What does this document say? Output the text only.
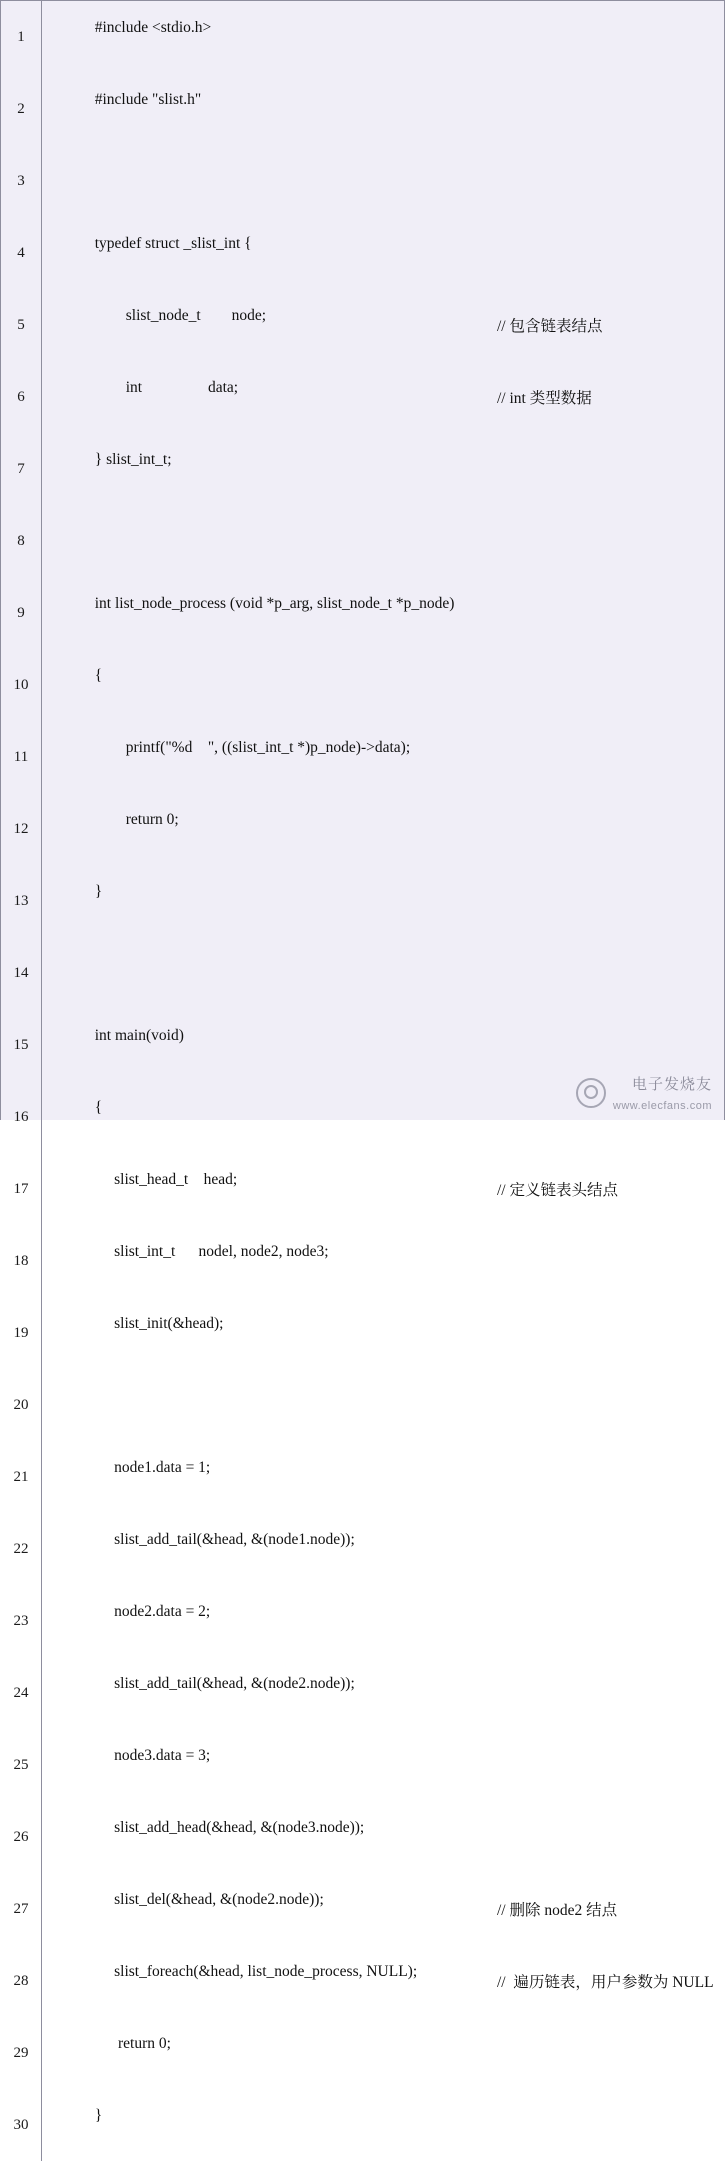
1	#include <stdio.h>

2	#include "slist.h"

3	

4	typedef struct _slist_int {

5	slist_node_t        node;

// 包含链表结点

6	int                 data;

// int 类型数据

7	} slist_int_t;

8	

9	int list_node_process (void *p_arg, slist_node_t *p_node)

10	{

11	printf("%d    ", ((slist_int_t *)p_node)->data);

12	return 0;

13	}

14	

15	int main(void)

16	{

17	slist_head_t    head;

// 定义链表头结点

18	slist_int_t      nodel, node2, node3;

19	slist_init(&head);

20	

21	node1.data = 1;

22	slist_add_tail(&head, &(node1.node));

23	node2.data = 2;

24	slist_add_tail(&head, &(node2.node));

25	node3.data = 3;

26	slist_add_head(&head, &(node3.node));

27	slist_del(&head, &(node2.node));

// 删除 node2 结点

28	slist_foreach(&head, list_node_process, NULL);

//  遍历链表，用户参数为 NULL

29	return 0;

30	}

电子发烧友
www.elecfans.com
